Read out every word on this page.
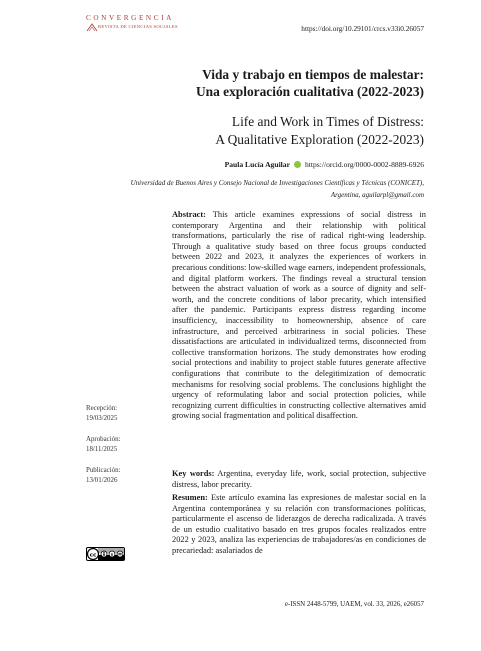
CONVERGENCIA
REVISTA DE CIENCIAS SOCIALES	https://doi.org/10.29101/crcs.v33i0.26057
Vida y trabajo en tiempos de malestar:
Una exploración cualitativa (2022-2023)
Life and Work in Times of Distress:
A Qualitative Exploration (2022-2023)
Paula Lucía Aguilar https://orcid.org/0000-0002-8889-6926
Universidad de Buenos Aires y Consejo Nacional de Investigaciones Científicas y Técnicas (CONICET), Argentina, aguilarpl@gmail.com
Abstract: This article examines expressions of social distress in contemporary Argentina and their relationship with political transformations, particularly the rise of radical right-wing leadership. Through a qualitative study based on three focus groups conducted between 2022 and 2023, it analyzes the experiences of workers in precarious conditions: low-skilled wage earners, independent professionals, and digital platform workers. The findings reveal a structural tension between the abstract valuation of work as a source of dignity and self-worth, and the concrete conditions of labor precarity, which intensified after the pandemic. Participants express distress regarding income insufficiency, inaccessibility to homeownership, absence of care infrastructure, and perceived arbitrariness in social policies. These dissatisfactions are articulated in individualized terms, disconnected from collective transformation horizons. The study demonstrates how eroding social protections and inability to project stable futures generate affective configurations that contribute to the delegitimization of democratic mechanisms for resolving social problems. The conclusions highlight the urgency of reformulating labor and social protection policies, while recognizing current difficulties in constructing collective alternatives amid growing social fragmentation and political disaffection.
Key words: Argentina, everyday life, work, social protection, subjective distress, labor precarity.
Resumen: Este artículo examina las expresiones de malestar social en la Argentina contemporánea y su relación con transformaciones políticas, particularmente el ascenso de liderazgos de derecha radicalizada. A través de un estudio cualitativo basado en tres grupos focales realizados entre 2022 y 2023, analiza las experiencias de trabajadores/as en condiciones de precariedad: asalariados de
Recepción:
19/03/2025
Aprobación:
18/11/2025
Publicación:
13/01/2026
cc	$
e-ISSN 2448-5799, UAEM, vol. 33, 2026, e26057
